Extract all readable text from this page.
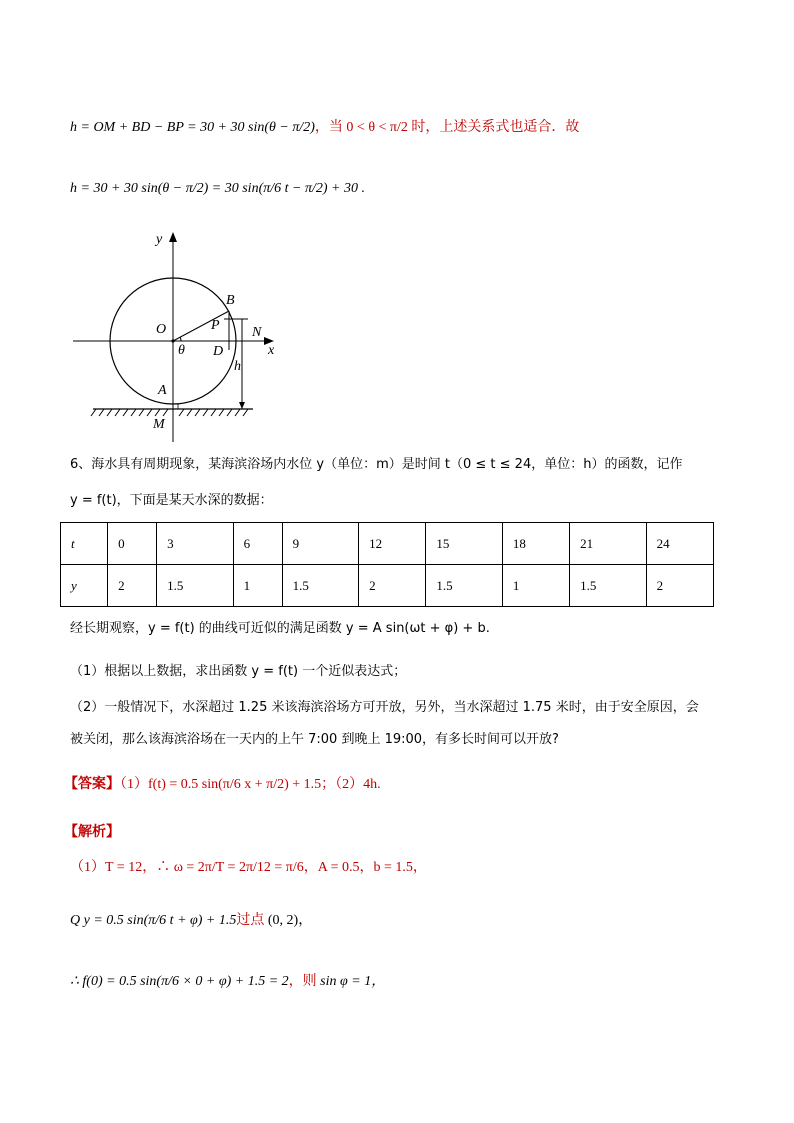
h = OM + BD − BP = 30 + 30 sin(θ − π/2)，当 0 < θ < π/2 时，上述关系式也适合．故
h = 30 + 30 sin(θ − π/2) = 30 sin(π/6 t − π/2) + 30 .
y
B
P
O	N
θ D	x
h
A
M
6、海水具有周期现象，某海滨浴场内水位 y（单位：m）是时间 t（0 ≤ t ≤ 24，单位：h）的函数，记作
y = f(t)，下面是某天水深的数据：
t	0	3	6	9	12	15	18	21	24
y	2	1.5	1	1.5	2	1.5	1	1.5	2
经长期观察，y = f(t) 的曲线可近似的满足函数 y = A sin(ωt + φ) + b.
（1）根据以上数据，求出函数 y = f(t) 一个近似表达式；
（2）一般情况下，水深超过 1.25 米该海滨浴场方可开放，另外，当水深超过 1.75 米时，由于安全原因，会
被关闭，那么该海滨浴场在一天内的上午 7:00 到晚上 19:00，有多长时间可以开放?
【答案】（1）f(t) = 0.5 sin(π/6 x + π/2) + 1.5；（2）4h.
【解析】
（1）T = 12，∴ ω = 2π/T = 2π/12 = π/6，A = 0.5，b = 1.5，
Q y = 0.5 sin(π/6 t + φ) + 1.5过点 (0, 2)，
∴ f(0) = 0.5 sin(π/6 × 0 + φ) + 1.5 = 2，则 sin φ = 1，
